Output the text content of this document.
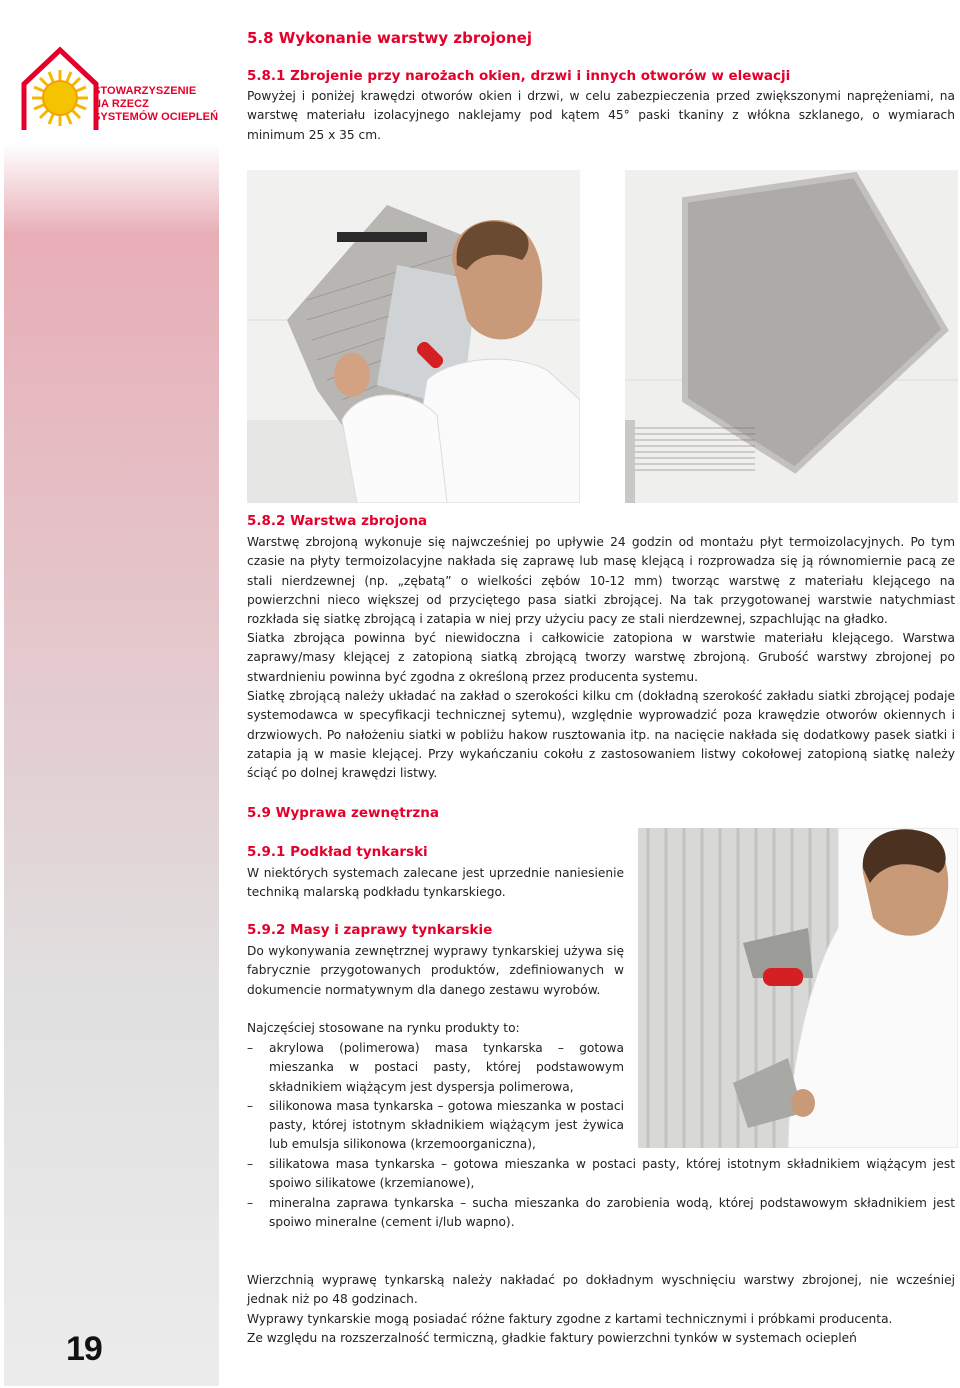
STOWARZYSZENIE
NA RZECZ
SYSTEMÓW OCIEPLEŃ
19
5.8 Wykonanie warstwy zbrojonej
5.8.1 Zbrojenie przy narożach okien, drzwi i innych otworów w elewacji
Powyżej i poniżej krawędzi otworów okien i drzwi, w celu zabezpieczenia przed zwiększonymi naprężeniami, na warstwę materiału izolacyjnego naklejamy pod kątem 45° paski tkaniny z włókna szklanego, o wymiarach minimum 25 x 35 cm.
5.8.2 Warstwa zbrojona
Warstwę zbrojoną wykonuje się najwcześniej po upływie 24 godzin od montażu płyt termoizolacyjnych. Po tym czasie na płyty termoizolacyjne nakłada się zaprawę lub masę klejącą i rozprowadza się ją równomiernie pacą ze stali nierdzewnej (np. „zębatą” o wielkości zębów 10-12 mm) tworząc warstwę z materiału klejącego na powierzchni nieco większej od przyciętego pasa siatki zbrojącej. Na tak przygotowanej warstwie natychmiast rozkłada się siatkę zbrojącą i zatapia w niej przy użyciu pacy ze stali nierdzewnej, szpachlując na gładko.
Siatka zbrojąca powinna być niewidoczna i całkowicie zatopiona w warstwie materiału klejącego. Warstwa zaprawy/masy klejącej z zatopioną siatką zbrojącą tworzy warstwę zbrojoną. Grubość warstwy zbrojonej po stwardnieniu powinna być zgodna z określoną przez producenta systemu.
Siatkę zbrojącą należy układać na zakład o szerokości kilku cm (dokładną szerokość zakładu siatki zbrojącej podaje systemodawca w specyfikacji technicznej sytemu), względnie wyprowadzić poza krawędzie otworów okiennych i drzwiowych. Po nałożeniu siatki w pobliżu hakow rusztowania itp. na nacięcie nakłada się dodatkowy pasek siatki i zatapia ją w masie klejącej. Przy wykańczaniu cokołu z zastosowaniem listwy cokołowej zatopioną siatkę należy ściąć po dolnej krawędzi listwy.
5.9 Wyprawa zewnętrzna
5.9.1 Podkład tynkarski
W niektórych systemach zalecane jest uprzednie naniesienie techniką malarską podkładu tynkarskiego.
5.9.2 Masy i zaprawy tynkarskie
Do wykonywania zewnętrznej wyprawy tynkarskiej używa się fabrycznie przygotowanych produktów, zdefiniowanych w dokumencie normatywnym dla danego zestawu wyrobów.
Najczęściej stosowane na rynku produkty to:
– akrylowa (polimerowa) masa tynkarska – gotowa mieszanka w postaci pasty, której podstawowym składnikiem wiążącym jest dyspersja polimerowa,
– silikonowa masa tynkarska – gotowa mieszanka w postaci pasty, której istotnym składnikiem wiążącym jest żywica lub emulsja silikonowa (krzemoorganiczna),
– silikatowa masa tynkarska – gotowa mieszanka w postaci pasty, której istotnym składnikiem wiążącym jest spoiwo silikatowe (krzemianowe),
– mineralna zaprawa tynkarska – sucha mieszanka do zarobienia wodą, której podstawowym składnikiem jest spoiwo mineralne (cement i/lub wapno).
Wierzchnią wyprawę tynkarską należy nakładać po dokładnym wyschnięciu warstwy zbrojonej, nie wcześniej jednak niż po 48 godzinach.
Wyprawy tynkarskie mogą posiadać różne faktury zgodne z kartami technicznymi i próbkami producenta.
Ze względu na rozszerzalność termiczną, gładkie faktury powierzchni tynków w systemach ociepleń
